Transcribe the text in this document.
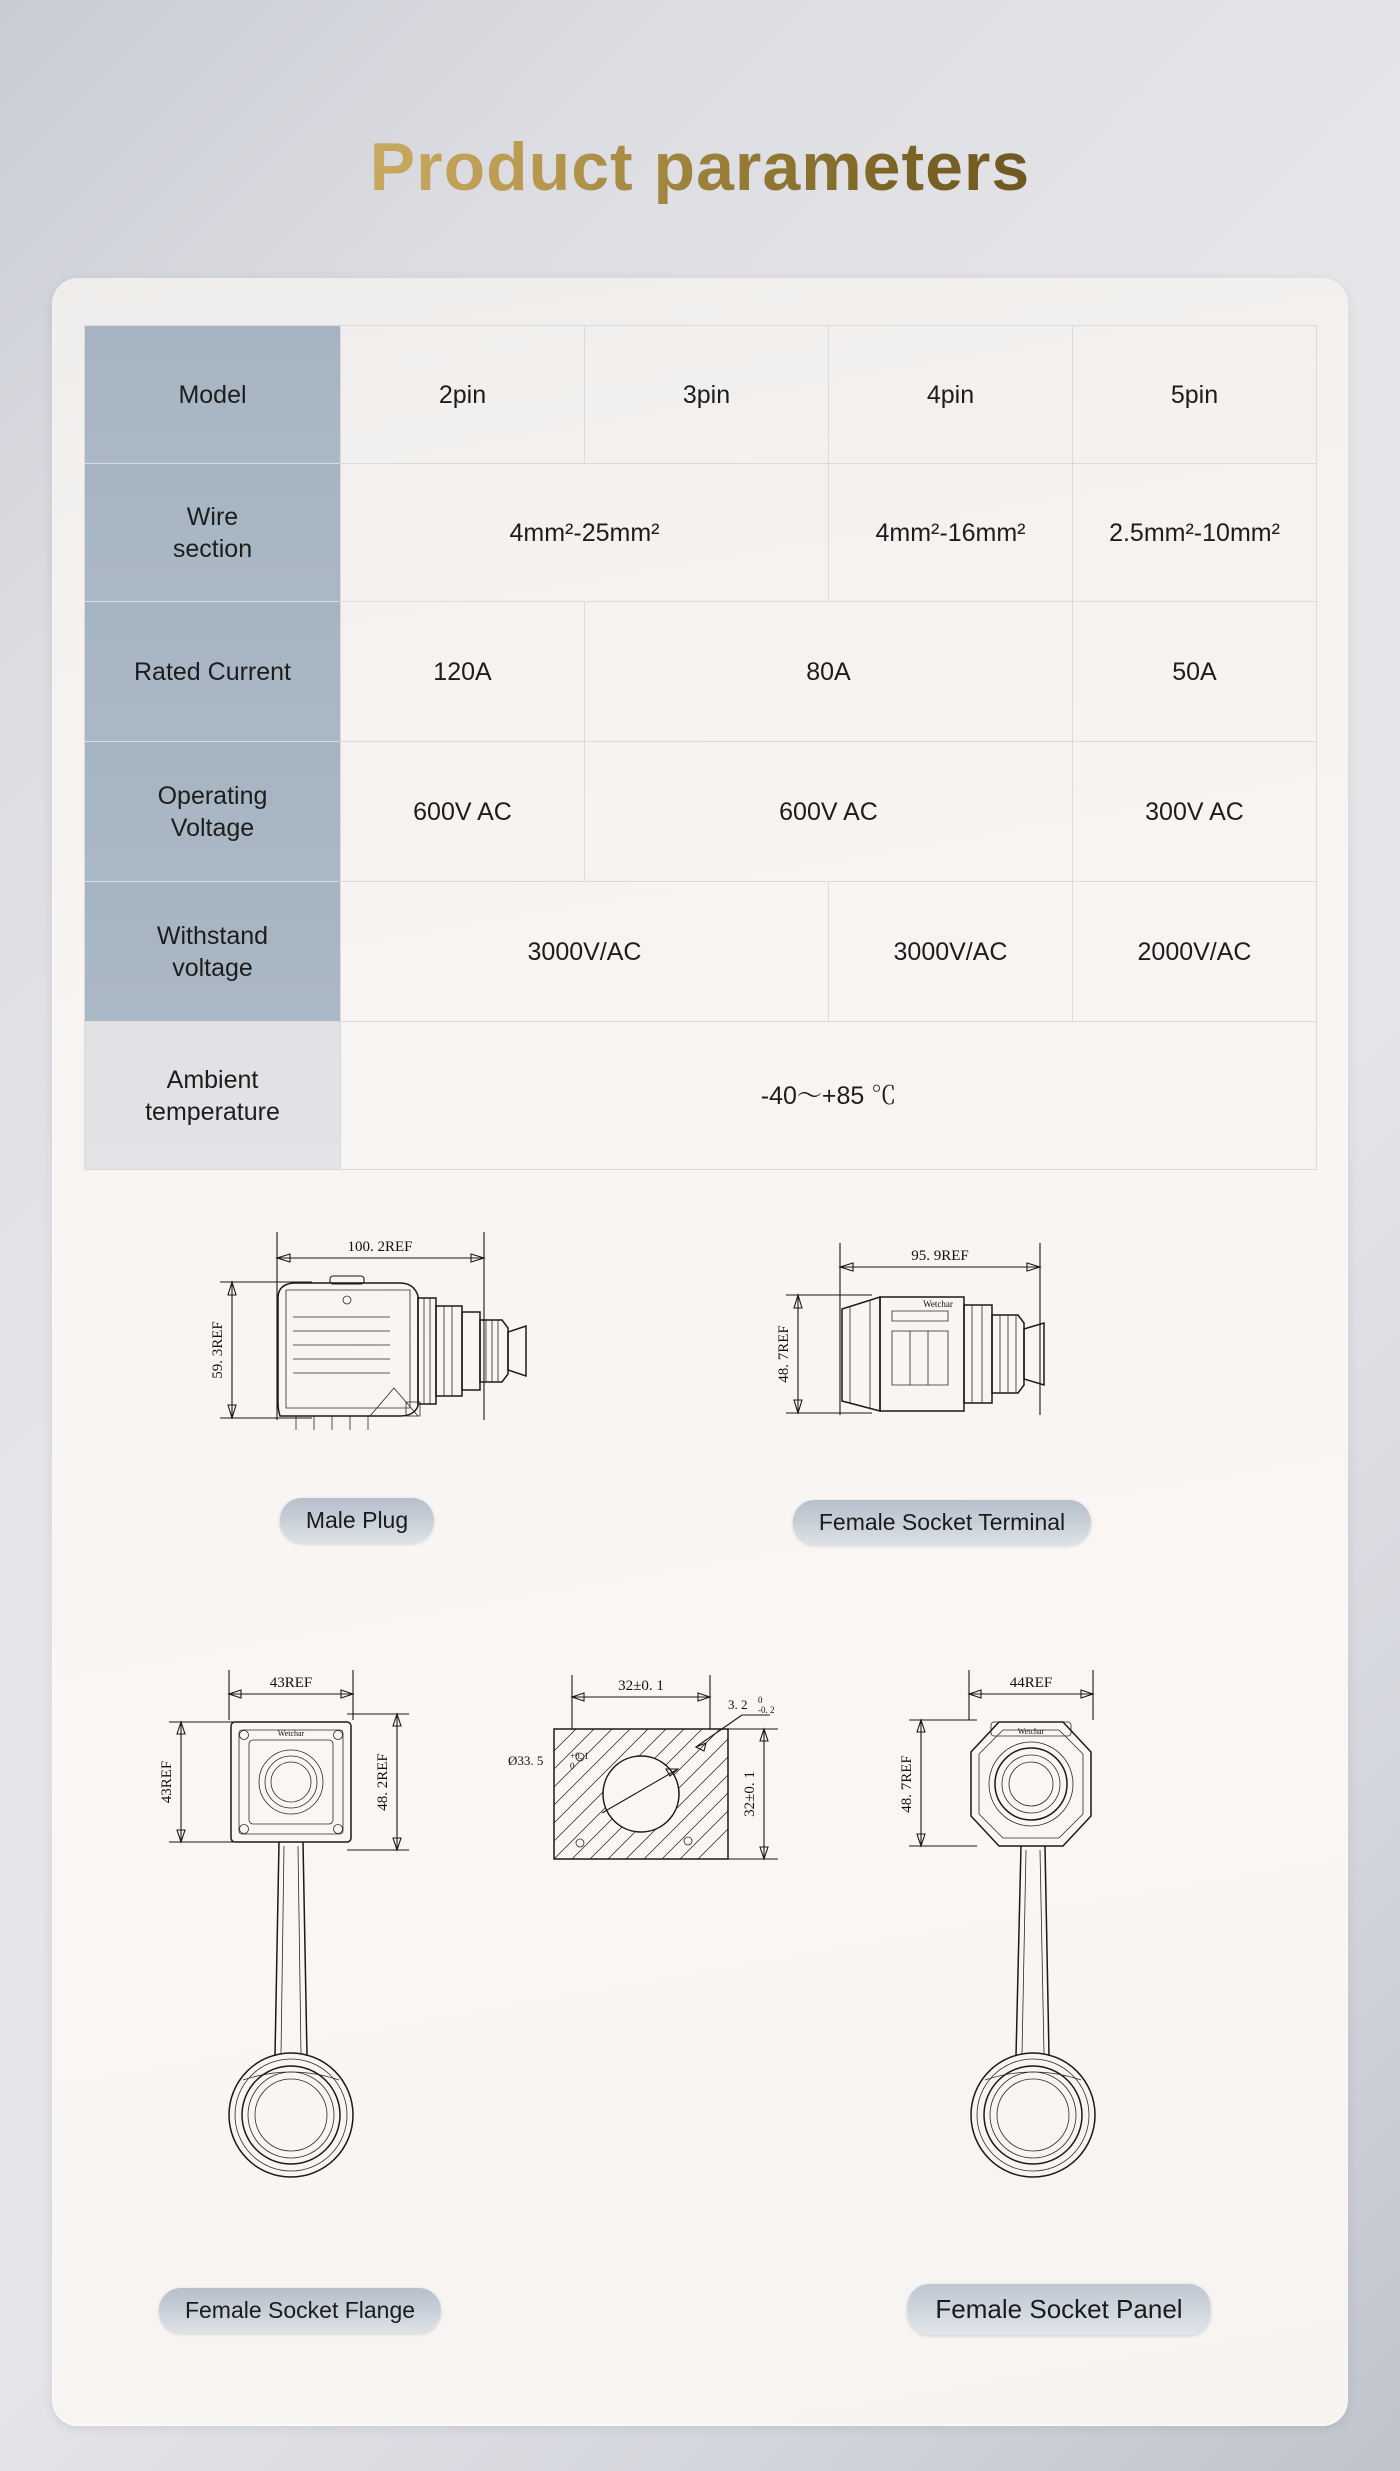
Product parameters
Model	2pin	3pin	4pin	5pin
Wire
section	4mm²-25mm²		4mm²-16mm²	2.5mm²-10mm²
Rated Current	120A	80A		50A
Operating
Voltage	600V AC	600V AC		300V AC
Withstand
voltage	3000V/AC		3000V/AC	2000V/AC
Ambient
temperature	-40～+85 ℃			
100. 2REF
59. 3REF
Male Plug
95. 9REF
48. 7REF
Wetchar
Female Socket Terminal
43REF
43REF	48. 2REF
Wetchar
Female Socket Flange
32±0. 1
32±0. 1
Ø33. 5	+0. 1
0
3. 2 0
-0. 2
44REF
48. 7REF
Wetchar
Female Socket Panel
